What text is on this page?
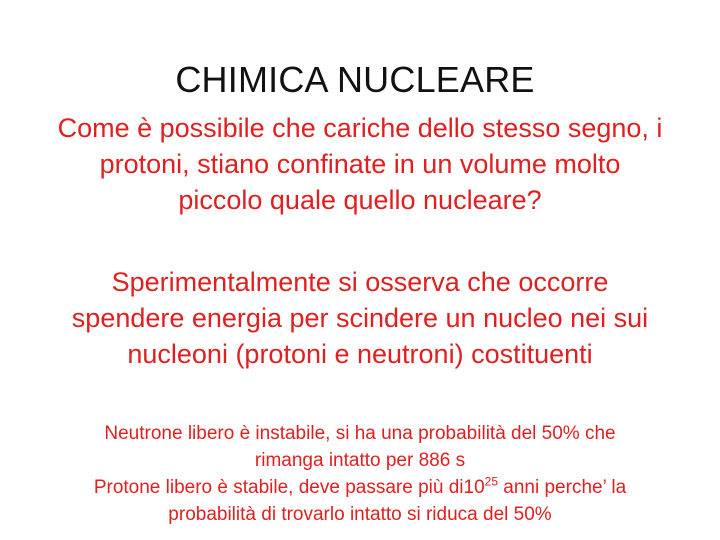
CHIMICA NUCLEARE

Come è possibile che cariche dello stesso segno, i
protoni, stiano confinate in un volume molto
piccolo quale quello nucleare?

Sperimentalmente si osserva che occorre
spendere energia per scindere un nucleo nei sui
nucleoni (protoni e neutroni) costituenti

Neutrone libero è instabile, si ha una probabilità del 50% che
rimanga intatto per 886 s
Protone libero è stabile, deve passare più $di10^{25}$ anni perche’ la
probabilità di trovarlo intatto si riduca del 50%
